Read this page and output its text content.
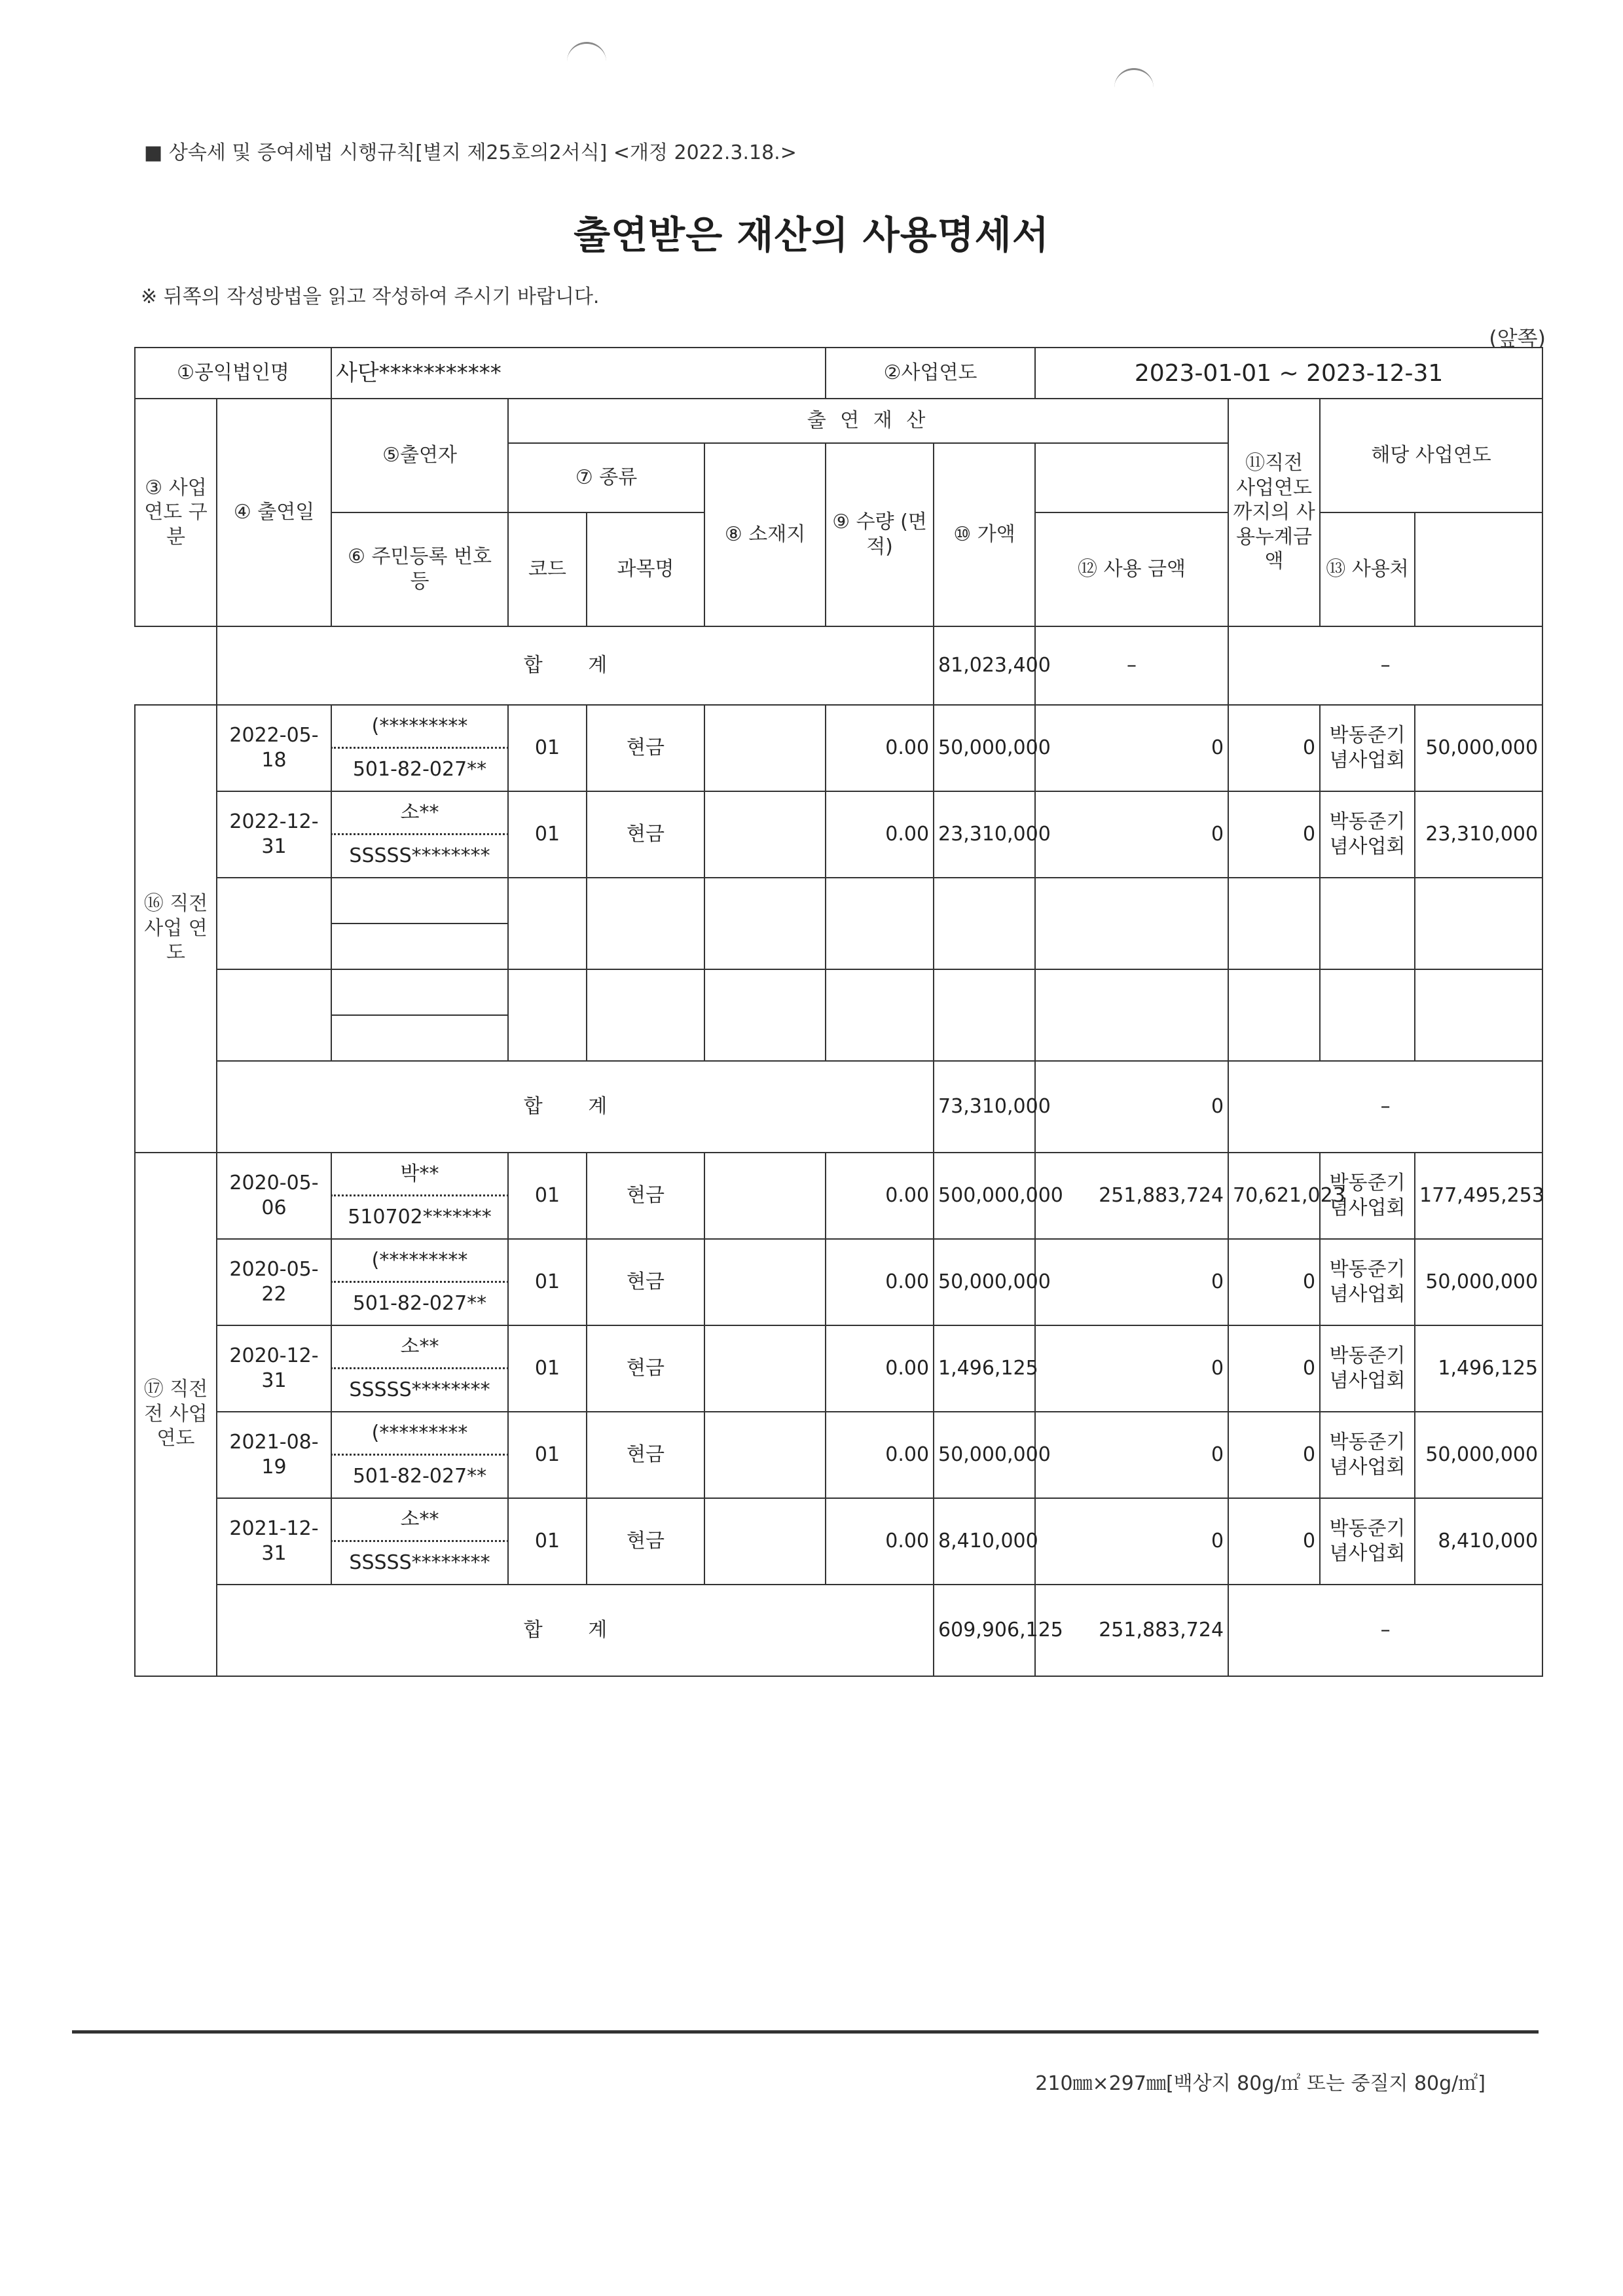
■ 상속세 및 증여세법 시행규칙[별지 제25호의2서식] <개정 2022.3.18.>
출연받은 재산의 사용명세서
※ 뒤쪽의 작성방법을 읽고 작성하여 주시기 바랍니다.
(앞쪽)
①공익법인명		사단***********				②사업연도		2023-01-01 ~ 2023-12-31				
③ 사업 연도 구분	④ 출연일	⑤출연자	출 연 재 산						⑪직전 사업연도 까지의 사용누계금액	해당 사업연도	
			⑦ 종류		⑧ 소재지	⑨ 수량 (면적)	⑩ 가액					
		⑥ 주민등록 번호 등	코드	과목명				⑫ 사용 금액		⑬ 사용처		

	합 계						81,023,400	–	–			
⑯ 직전 사업 연도	2022-05-18	(*********	01	현금		0.00	50,000,000	0	0	박동준기념사업회	50,000,000	
		501-82-027**										
	2022-12-31	소**	01	현금		0.00	23,310,000	0	0	박동준기념사업회	23,310,000	
		SSSSS********										

	합 계						73,310,000	0	–			

⑰ 직전전 사업 연도	2020-05-06	박**	01	현금		0.00	500,000,000	251,883,724	70,621,023	박동준기념사업회	177,495,253	
		510702*******										
	2020-05-22	(*********	01	현금		0.00	50,000,000	0	0	박동준기념사업회	50,000,000	
		501-82-027**										
	2020-12-31	소**	01	현금		0.00	1,496,125	0	0	박동준기념사업회	1,496,125	
		SSSSS********										
	2021-08-19	(*********	01	현금		0.00	50,000,000	0	0	박동준기념사업회	50,000,000	
		501-82-027**										
	2021-12-31	소**	01	현금		0.00	8,410,000	0	0	박동준기념사업회	8,410,000	
		SSSSS********										
	합 계						609,906,125	251,883,724	–			
210㎜×297㎜[백상지 80g/㎡ 또는 중질지 80g/㎡]
